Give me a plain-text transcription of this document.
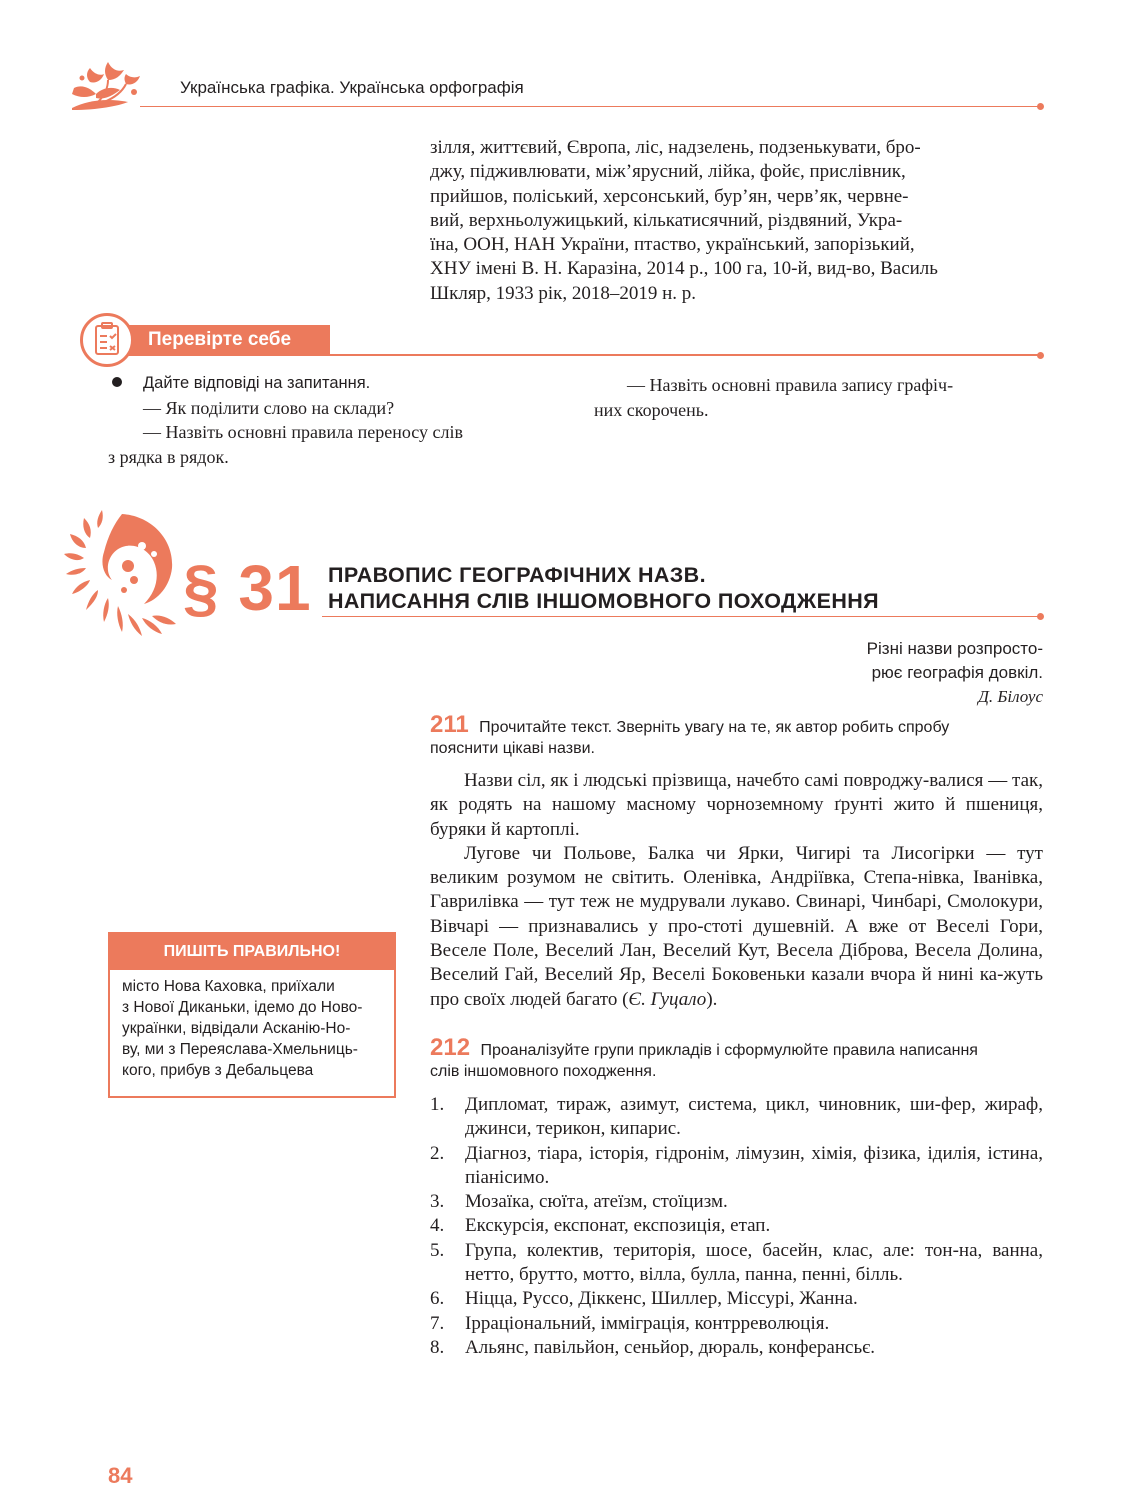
Українська графіка. Українська орфографія

зілля, життєвий, Європа, ліс, надзелень, подзенькувати, бро-

джу, підживлювати, між’ярусний, лійка, фойє, прислівник,

прийшов, поліський, херсонський, бур’ян, черв’як, червне-

вий, верхньолужицький, кількатисячний, різдвяний, Укра-

їна, ООН, НАН України, птаство, український, запорізький,

ХНУ імені В. Н. Каразіна, 2014 р., 100 га, 10-й, вид-во, Василь

Шкляр, 1933 рік, 2018–2019 н. р.

Перевірте себе

Дайте відповіді на запитання.

— Як поділити слово на склади?

— Назвіть основні правила переносу слів

з рядка в рядок.

— Назвіть основні правила запису графіч-

них скорочень.

§ 31 ПРАВОПИС ГЕОГРАФІЧНИХ НАЗВ.
НАПИСАННЯ СЛІВ ІНШОМОВНОГО ПОХОДЖЕННЯ

Різні назви розпросто-

рює географія довкіл.

Д. Білоус

211 Прочитайте текст. Зверніть увагу на те, як автор робить спробу
пояснити цікаві назви.

Назви сіл, як і людські прізвища, начебто самі повроджу-валися — так, як родять на нашому масному чорноземному ґрунті жито й пшениця, буряки й картоплі.

Лугове чи Польове, Балка чи Ярки, Чигирі та Лисогірки — тут великим розумом не світить. Оленівка, Андріївка, Степа-нівка, Іванівка, Гаврилівка — тут теж не мудрували лукаво. Свинарі, Чинбарі, Смолокури, Вівчарі — признавались у про-стоті душевній. А вже от Веселі Гори, Веселе Поле, Веселий Лан, Веселий Кут, Весела Діброва, Весела Долина, Веселий Гай, Веселий Яр, Веселі Боковеньки казали вчора й нині ка-жуть про своїх людей багато (Є. Гуцало).

ПИШІТЬ ПРАВИЛЬНО!

місто Нова Каховка, приїхали

з Нової Диканьки, ідемо до Ново-

українки, відвідали Асканію-Но-

ву, ми з Переяслава-Хмельниць-

кого, прибув з Дебальцева

212 Проаналізуйте групи прикладів і сформулюйте правила написання
слів іншомовного походження.
1. Дипломат, тираж, азимут, система, цикл, чиновник, ши-фер, жираф, джинси, терикон, кипарис.
2. Діагноз, тіара, історія, гідронім, лімузин, хімія, фізика, ідилія, істина, піанісимо.
3. Мозаїка, сюїта, атеїзм, стоїцизм.
4. Екскурсія, експонат, експозиція, етап.
5. Група, колектив, територія, шосе, басейн, клас, але: тон-на, ванна, нетто, брутто, мотто, вілла, булла, панна, пенні, білль.
6. Ніцца, Руссо, Діккенс, Шиллер, Міссурі, Жанна.
7. Ірраціональний, імміграція, контрреволюція.
8. Альянс, павільйон, сеньйор, дюраль, конферансьє.
84
